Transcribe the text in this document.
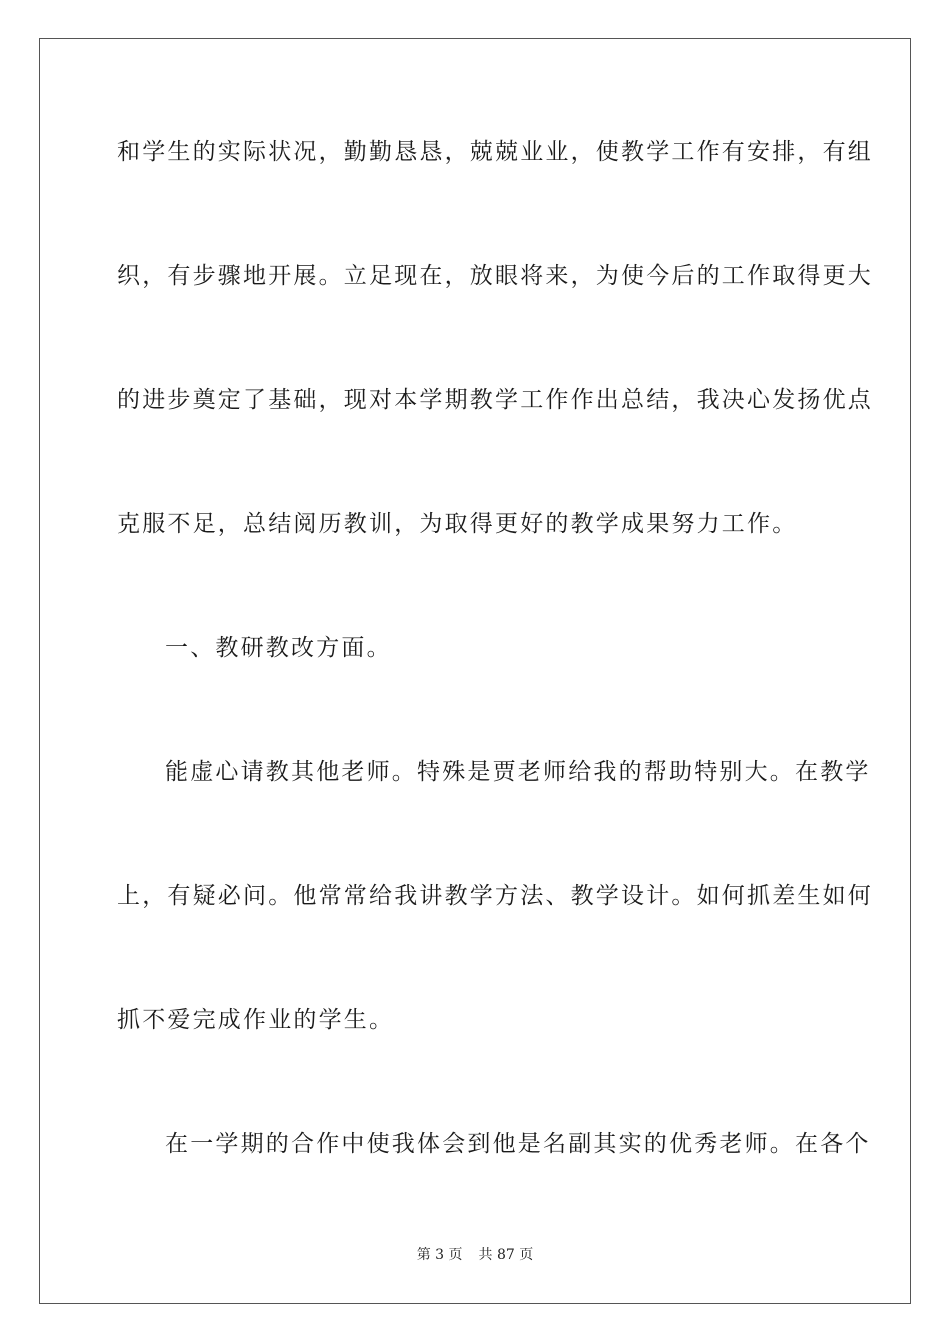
和学生的实际状况，勤勤恳恳，兢兢业业，使教学工作有安排，有组
织，有步骤地开展。立足现在，放眼将来，为使今后的工作取得更大
的进步奠定了基础，现对本学期教学工作作出总结，我决心发扬优点
克服不足，总结阅历教训，为取得更好的教学成果努力工作。
一、教研教改方面。
能虚心请教其他老师。特殊是贾老师给我的帮助特别大。在教学
上，有疑必问。他常常给我讲教学方法、教学设计。如何抓差生如何
抓不爱完成作业的学生。
在一学期的合作中使我体会到他是名副其实的优秀老师。在各个
第 3 页 共 87 页
